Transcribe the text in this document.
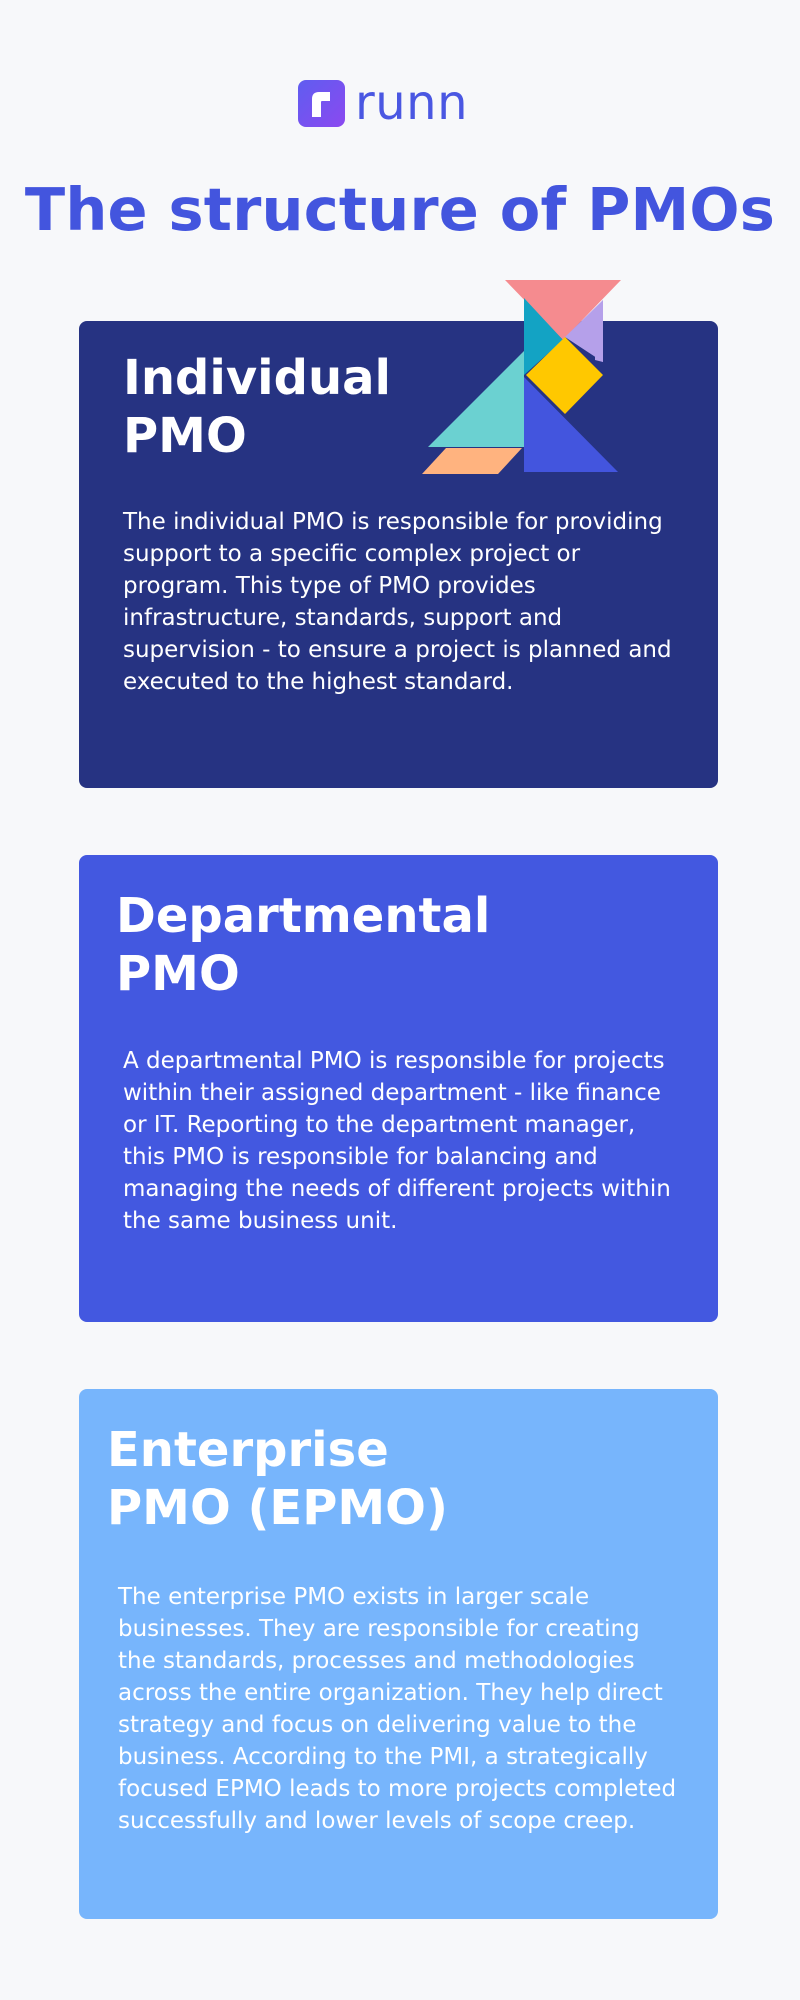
runn
The structure of PMOs
Individual
PMO

The individual PMO is responsible for providing support to a specific complex project or program. This type of PMO provides infrastructure, standards, support and supervision - to ensure a project is planned and executed to the highest standard.

Departmental
PMO

A departmental PMO is responsible for projects within their assigned department - like finance or IT. Reporting to the department manager, this PMO is responsible for balancing and managing the needs of different projects within the same business unit.

Enterprise
PMO (EPMO)

The enterprise PMO exists in larger scale businesses. They are responsible for creating the standards, processes and methodologies across the entire organization. They help direct strategy and focus on delivering value to the business. According to the PMI, a strategically focused EPMO leads to more projects completed successfully and lower levels of scope creep.
